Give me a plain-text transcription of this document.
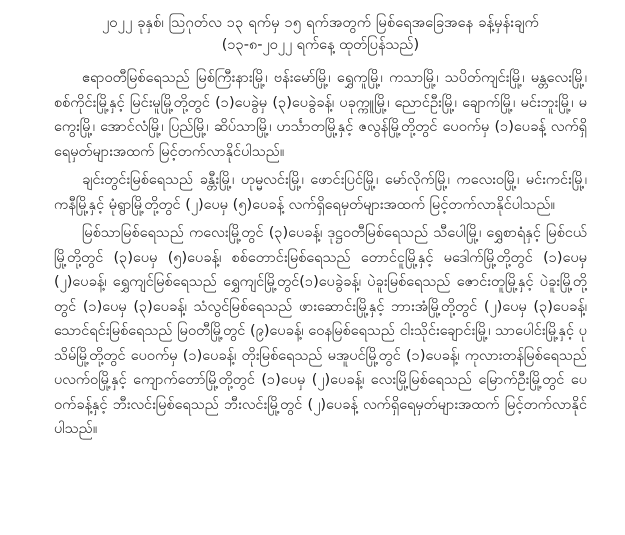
၂၀၂၂ ခုနှစ်၊ ဩဂုတ်လ ၁၃ ရက်မှ ၁၅ ရက်အတွက် မြစ်ရေအခြေအနေ ခန့်မှန်းချက်

(၁၃-၈-၂၀၂၂ ရက်နေ့ ထုတ်ပြန်သည်)

ဧရာဝတီမြစ်ရေသည် မြစ်ကြီးနားမြို့၊ ဗန်းမော်မြို့၊ ရွှေကူမြို့၊ ကသာမြို့၊ သပိတ်ကျင်းမြို့၊ မန္တလေးမြို့၊ စစ်ကိုင်းမြို့နှင့် မြင်းမူမြို့တို့တွင် (၁)ပေခွဲမှ (၃)ပေခွဲခန့်၊ ပခုက္ကူမြို့၊ ညောင်ဦးမြို့၊ ချောက်မြို့၊ မင်းဘူးမြို့၊ မကွေးမြို့၊ အောင်လံမြို့၊ ပြည်မြို့၊ ဆိပ်သာမြို့၊ ဟင်္သာတမြို့နှင့် ဇလွန်မြို့တို့တွင် ပေဝက်မှ (၁)ပေခန့် လက်ရှိရေမှတ်များအထက် မြင့်တက်လာနိုင်ပါသည်။

ချင်းတွင်းမြစ်ရေသည် ခန္တီးမြို့၊ ဟုမ္မလင်းမြို့၊ ဖောင်းပြင်မြို့၊ မော်လိုက်မြို့၊ ကလေးဝမြို့၊ မင်းကင်းမြို့၊ ကနီမြို့နှင့် မုံရွာမြို့တို့တွင် (၂)ပေမှ (၅)ပေခန့် လက်ရှိရေမှတ်များအထက် မြင့်တက်လာနိုင်ပါသည်။

မြစ်သာမြစ်ရေသည် ကလေးမြို့တွင် (၃)ပေခန့်၊ ဒုဋ္ဌဝတီမြစ်ရေသည် သီပေါမြို့၊ ရွှေစာရံနှင့် မြစ်ငယ်မြို့တို့တွင် (၃)ပေမှ (၅)ပေခန့်၊ စစ်တောင်းမြစ်ရေသည် တောင်ငူမြို့နှင့် မဒေါက်မြို့တို့တွင် (၁)ပေမှ (၂)ပေခန့်၊ ရွှေကျင်မြစ်ရေသည် ရွှေကျင်မြို့တွင်(၁)ပေခွဲခန့်၊ ပဲခူးမြစ်ရေသည် ဇောင်းတူမြို့နှင့် ပဲခူးမြို့တို့တွင် (၁)ပေမှ (၃)ပေခန့်၊ သံလွင်မြစ်ရေသည် ဖားဆောင်းမြို့နှင့် ဘားအံမြို့တို့တွင် (၂)ပေမှ (၃)ပေခန့်၊ သောင်ရင်းမြစ်ရေသည် မြဝတီမြို့တွင် (၉)ပေခန့်၊ ဝေနမြစ်ရေသည် ငါးသိုင်းချောင်းမြို့၊ သာပေါင်းမြို့နှင့် ပုသိမ်မြို့တို့တွင် ပေဝက်မှ (၁)ပေခန့်၊ တိုးမြစ်ရေသည် မအူပင်မြို့တွင် (၁)ပေခန့်၊ ကုလားတန်မြစ်ရေသည် ပလက်ဝမြို့နှင့် ကျောက်တော်မြို့တို့တွင် (၁)ပေမှ (၂)ပေခန့်၊ လေးမြို့မြစ်ရေသည် မြောက်ဦးမြို့တွင် ပေဝက်ခန့်နှင့် ဘီးလင်းမြစ်ရေသည် ဘီးလင်းမြို့တွင် (၂)ပေခန့် လက်ရှိရေမှတ်များအထက် မြင့်တက်လာနိုင်ပါသည်။
